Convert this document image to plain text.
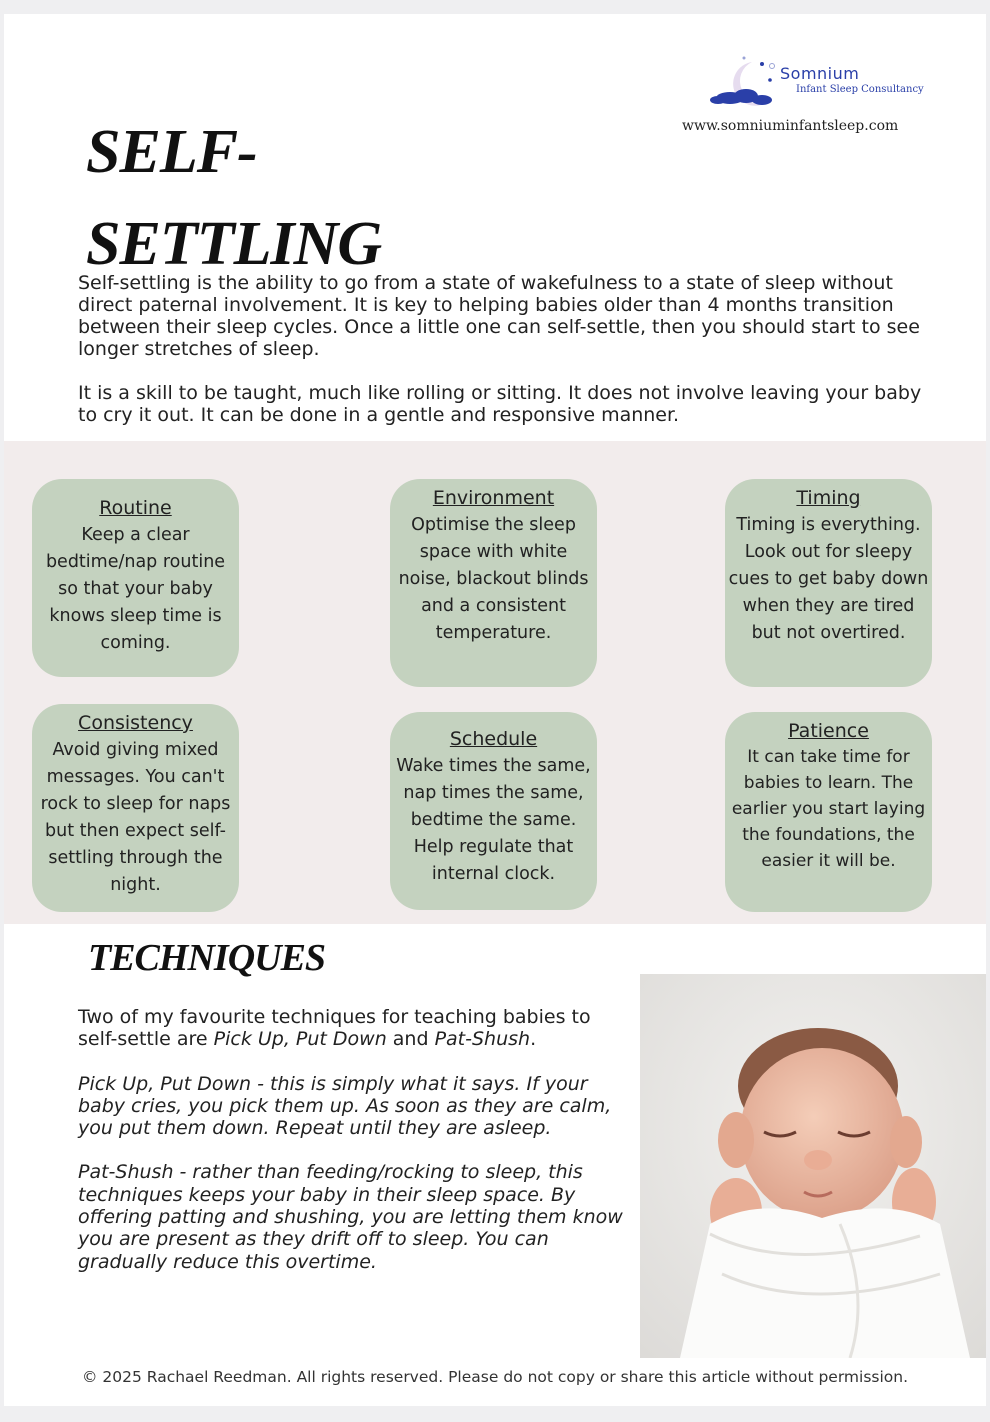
Somnium
Infant Sleep Consultancy
www.somniuminfantsleep.com
SELF-SETTLING

Self-settling is the ability to go from a state of wakefulness to a state of sleep without direct paternal involvement. It is key to helping babies older than 4 months transition between their sleep cycles. Once a little one can self-settle, then you should start to see longer stretches of sleep.

It is a skill to be taught, much like rolling or sitting. It does not involve leaving your baby to cry it out. It can be done in a gentle and responsive manner.

Routine
Keep a clear bedtime/nap routine so that your baby knows sleep time is coming.
Environment
Optimise the sleep space with white noise, blackout blinds and a consistent temperature.
Timing
Timing is everything. Look out for sleepy cues to get baby down when they are tired but not overtired.
Consistency
Avoid giving mixed messages. You can't rock to sleep for naps but then expect self-settling through the night.
Schedule
Wake times the same, nap times the same, bedtime the same. Help regulate that internal clock.
Patience
It can take time for babies to learn. The earlier you start laying the foundations, the easier it will be.
TECHNIQUES

Two of my favourite techniques for teaching babies to self-settle are Pick Up, Put Down and Pat-Shush.

Pick Up, Put Down - this is simply what it says. If your baby cries, you pick them up. As soon as they are calm, you put them down. Repeat until they are asleep.

Pat-Shush - rather than feeding/rocking to sleep, this techniques keeps your baby in their sleep space. By offering patting and shushing, you are letting them know you are present as they drift off to sleep. You can gradually reduce this overtime.

© 2025 Rachael Reedman. All rights reserved. Please do not copy or share this article without permission.
